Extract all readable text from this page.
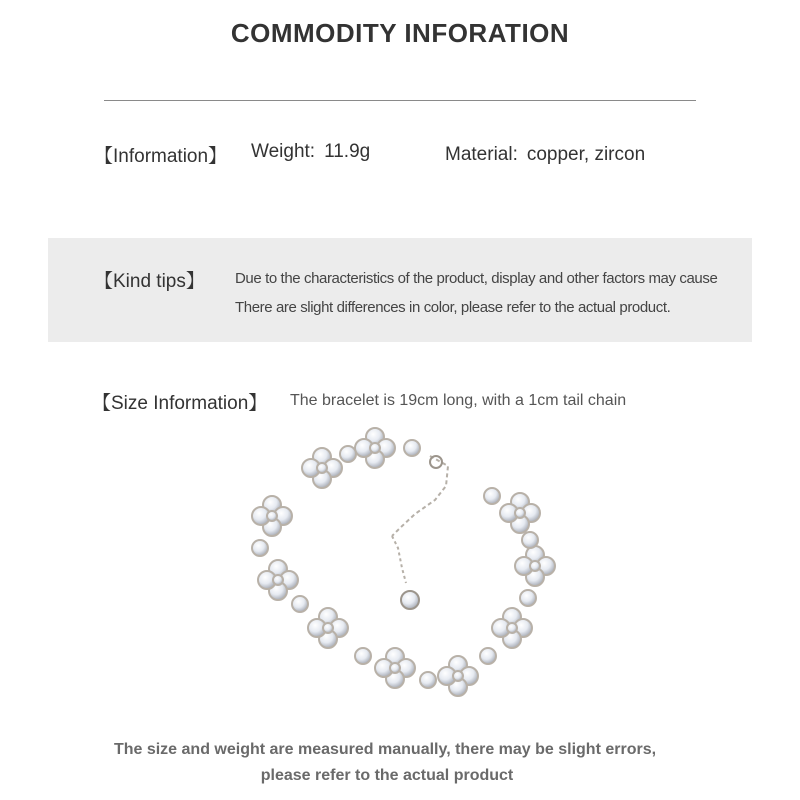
COMMODITY INFORATION
【Information】 Weight: 11.9g	Material: copper, zircon
【Kind tips】 Due to the characteristics of the product, display and other factors may cause
There are slight differences in color, please refer to the actual product.
【Size Information】 The bracelet is 19cm long, with a 1cm tail chain
The size and weight are measured manually, there may be slight errors,
please refer to the actual product
